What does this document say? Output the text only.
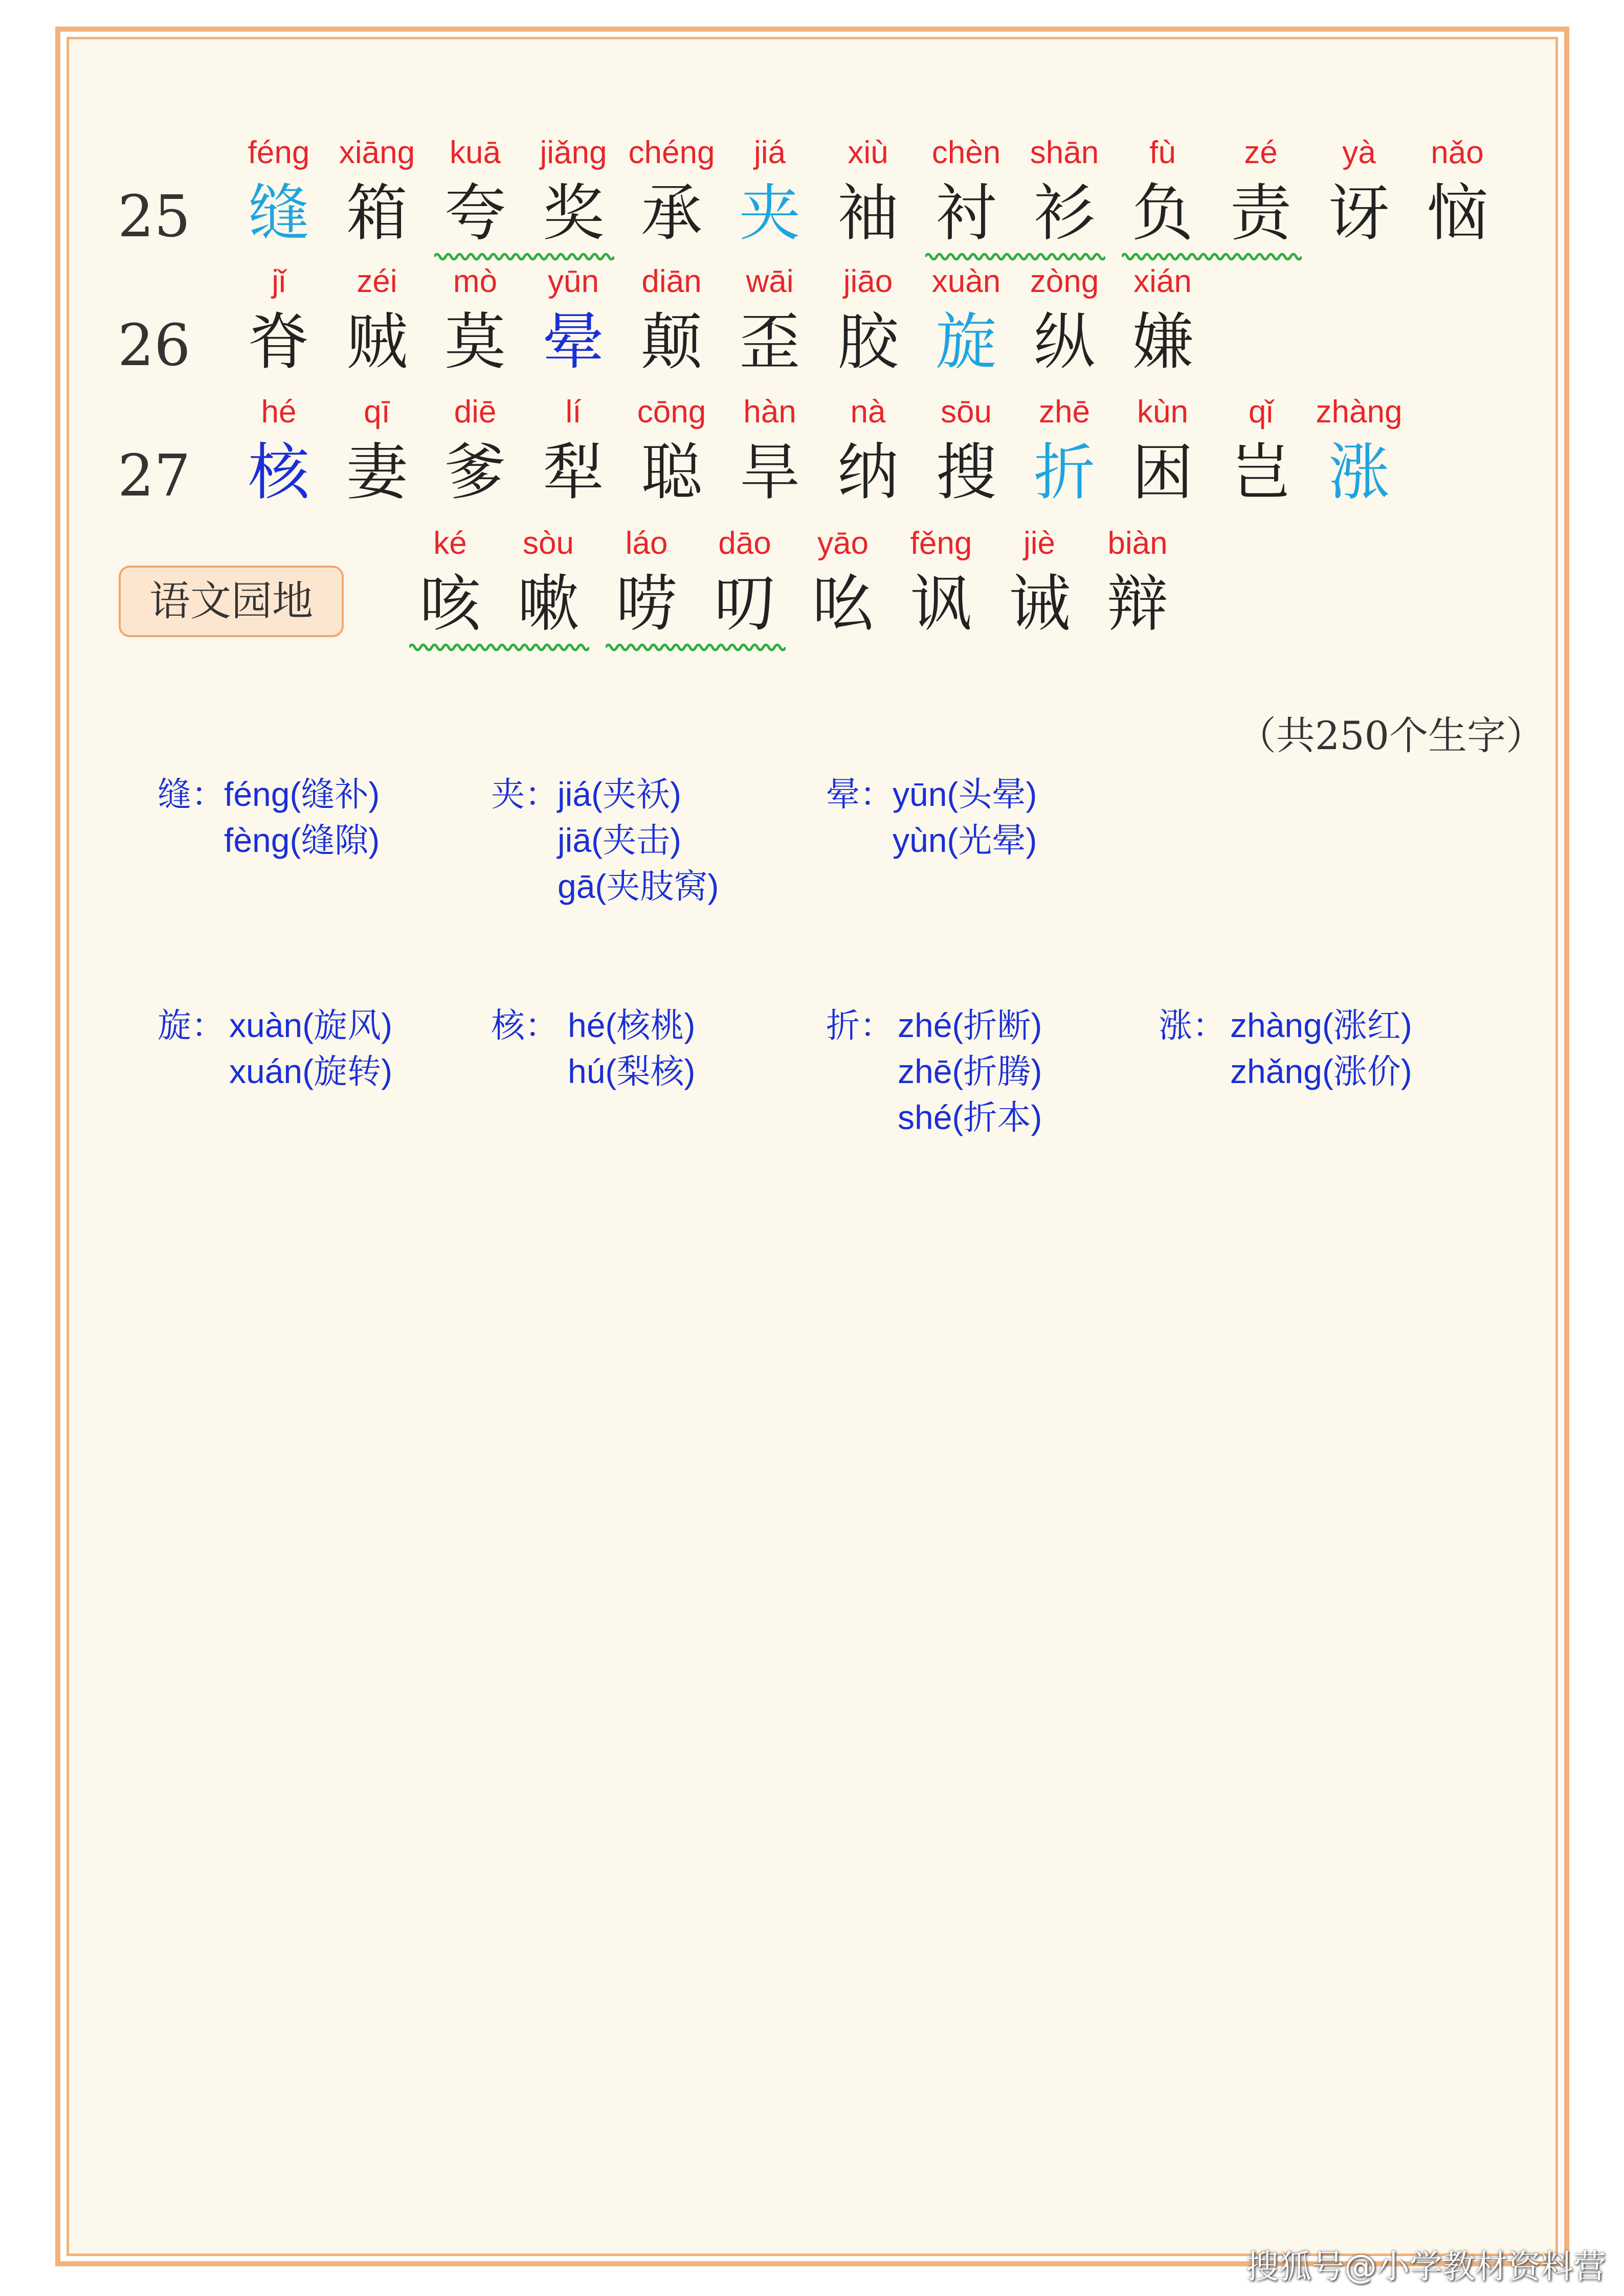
25
féng
缝
xiāng
箱
kuā
夸
jiǎng
奖
chéng
承
jiá
夹
xiù
袖
chèn
衬
shān
衫
fù
负
zé
责
yà
讶
nǎo
恼
26
jǐ
脊
zéi
贼
mò
莫
yūn
晕
diān
颠
wāi
歪
jiāo
胶
xuàn
旋
zòng
纵
xián
嫌
27
hé
核
qī
妻
diē
爹
lí
犁
cōng
聪
hàn
旱
nà
纳
sōu
搜
zhē
折
kùn
困
qǐ
岂
zhàng
涨
ké
咳
sòu
嗽
láo
唠
dāo
叨
yāo
吆
fěng
讽
jiè
诫
biàn
辩
缝：
féng(缝补)
fèng(缝隙)
夹：
jiá(夹袄)
jiā(夹击)
gā(夹肢窝)
晕：
yūn(头晕)
yùn(光晕)
旋： xuàn(旋风)
xuán(旋转)
核： hé(核桃)
hú(梨核)
折： zhé(折断)
zhē(折腾)
shé(折本)
涨： zhàng(涨红)
zhǎng(涨价)
语文园地
（共250个生字）
搜狐号@小学教材资料营
